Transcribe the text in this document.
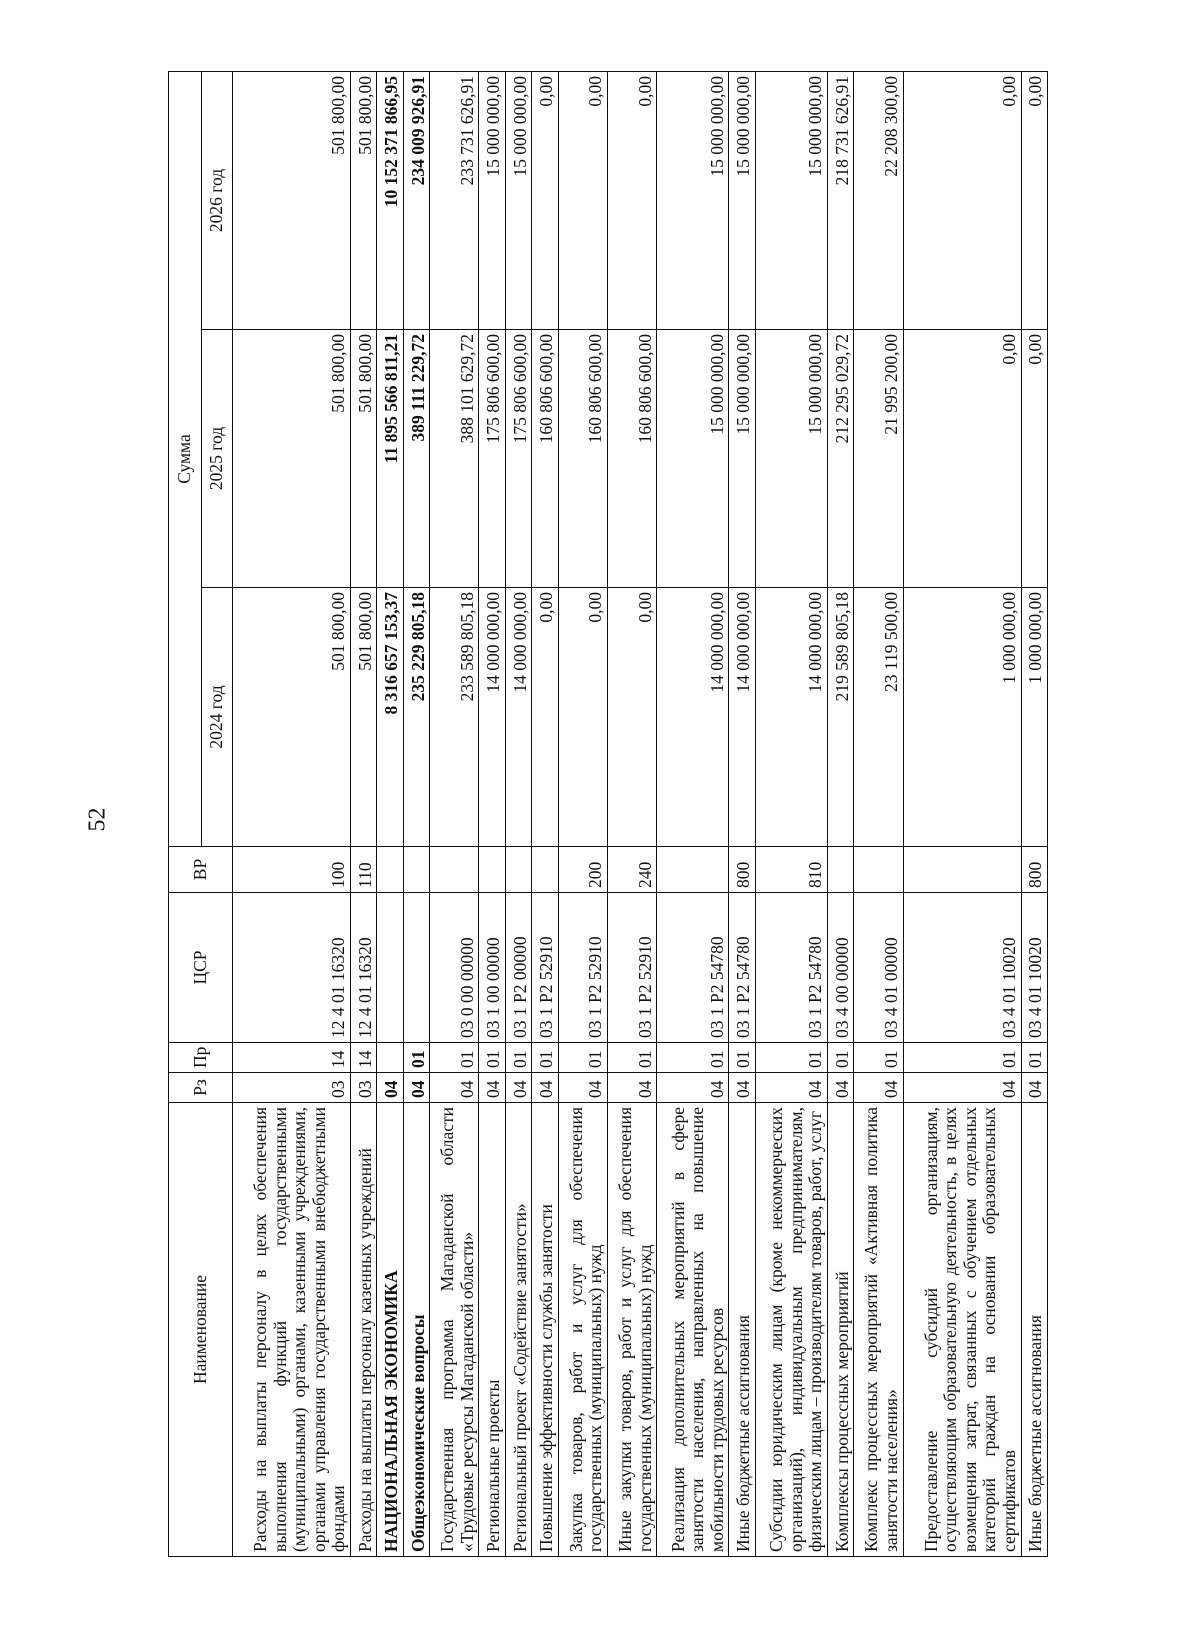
52
Наименование	Рз	Пр	ЦСР	ВР	Сумма		
					2024 год	2025 год	2026 год
Расходы на выплаты персоналу в целях обеспечения выполнения функций государственными (муниципальными) органами, казенными учреждениями, органами управления государственными внебюджетными фондами	03	14	12 4 01 16320	100	501 800,00	501 800,00	501 800,00
Расходы на выплаты персоналу казенных учреждений	03	14	12 4 01 16320	110	501 800,00	501 800,00	501 800,00
НАЦИОНАЛЬНАЯ ЭКОНОМИКА	04				8 316 657 153,37	11 895 566 811,21	10 152 371 866,95
Общеэкономические вопросы	04	01			235 229 805,18	389 111 229,72	234 009 926,91
Государственная программа Магаданской области «Трудовые ресурсы Магаданской области»	04	01	03 0 00 00000		233 589 805,18	388 101 629,72	233 731 626,91
Региональные проекты	04	01	03 1 00 00000		14 000 000,00	175 806 600,00	15 000 000,00
Региональный проект «Содействие занятости»	04	01	03 1 P2 00000		14 000 000,00	175 806 600,00	15 000 000,00
Повышение эффективности службы занятости	04	01	03 1 P2 52910		0,00	160 806 600,00	0,00
Закупка товаров, работ и услуг для обеспечения государственных (муниципальных) нужд	04	01	03 1 P2 52910	200	0,00	160 806 600,00	0,00
Иные закупки товаров, работ и услуг для обеспечения государственных (муниципальных) нужд	04	01	03 1 P2 52910	240	0,00	160 806 600,00	0,00
Реализация дополнительных мероприятий в сфере занятости населения, направленных на повышение мобильности трудовых ресурсов	04	01	03 1 P2 54780		14 000 000,00	15 000 000,00	15 000 000,00
Иные бюджетные ассигнования	04	01	03 1 P2 54780	800	14 000 000,00	15 000 000,00	15 000 000,00
Субсидии юридическим лицам (кроме некоммерческих организаций), индивидуальным предпринимателям, физическим лицам – производителям товаров, работ, услуг	04	01	03 1 P2 54780	810	14 000 000,00	15 000 000,00	15 000 000,00
Комплексы процессных мероприятий	04	01	03 4 00 00000		219 589 805,18	212 295 029,72	218 731 626,91
Комплекс процессных мероприятий «Активная политика занятости населения»	04	01	03 4 01 00000		23 119 500,00	21 995 200,00	22 208 300,00
Предоставление субсидий организациям, осуществляющим образовательную деятельность, в целях возмещения затрат, связанных с обучением отдельных категорий граждан на основании образовательных сертификатов	04	01	03 4 01 10020		1 000 000,00	0,00	0,00
Иные бюджетные ассигнования	04	01	03 4 01 10020	800	1 000 000,00	0,00	0,00
